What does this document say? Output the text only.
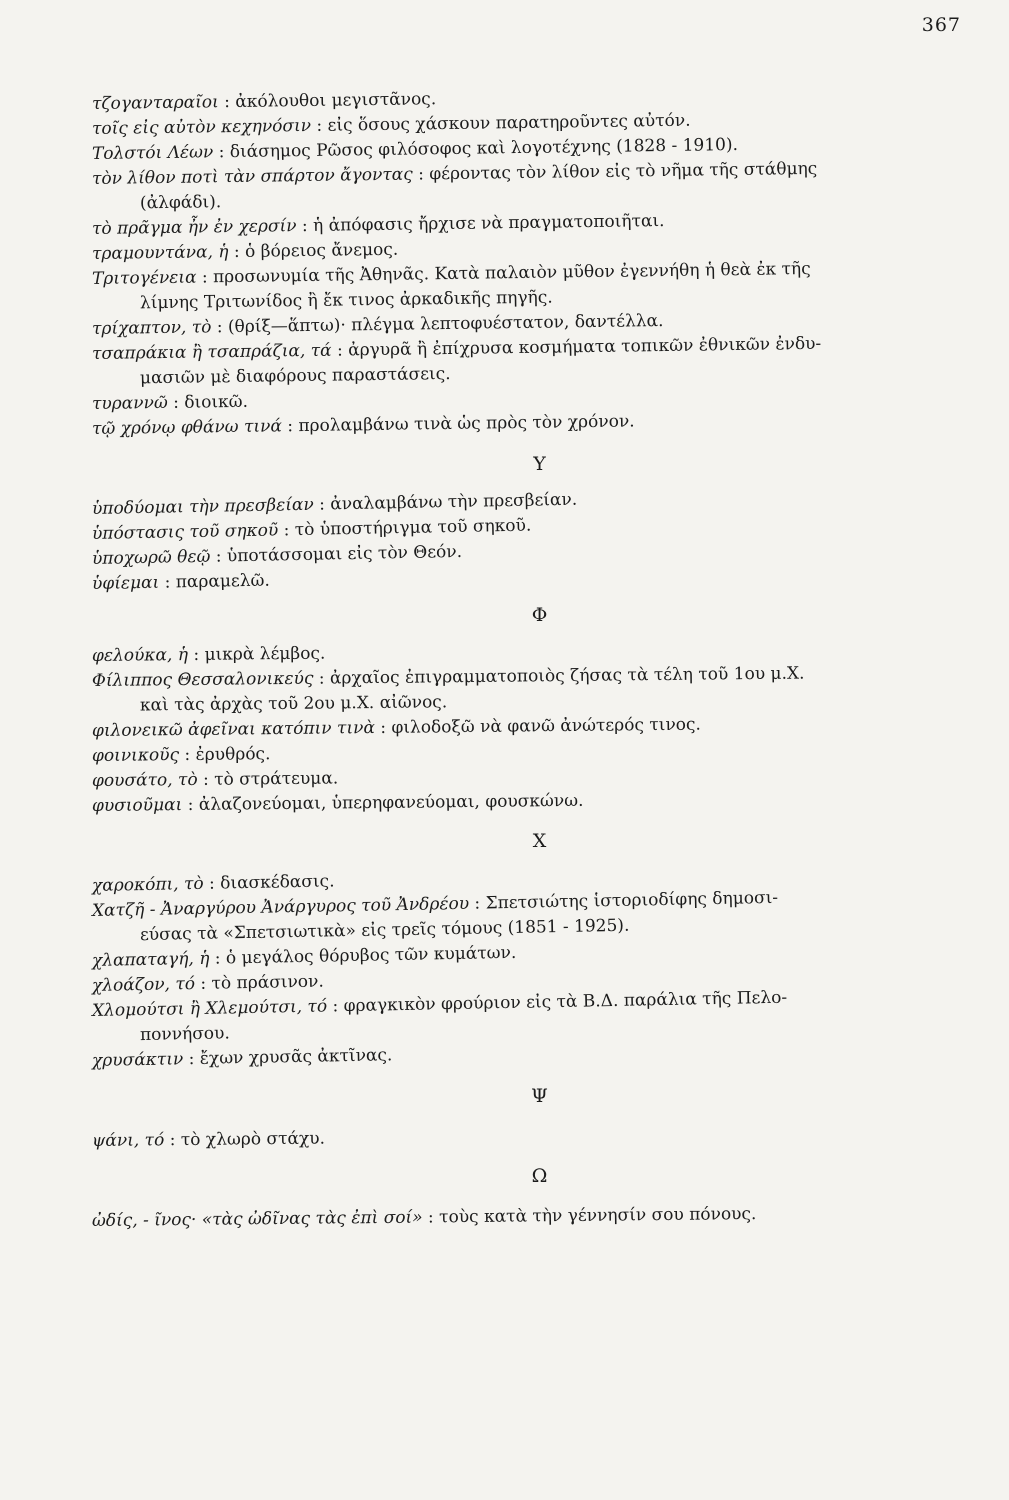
367
τζογανταραῖοι : ἀκόλουθοι μεγιστᾶνος.
τοῖς εἰς αὐτὸν κεχηνόσιν : εἰς ὅσους χάσκουν παρατηροῦντες αὐτόν.
Τολστόι Λέων : διάσημος Ρῶσος φιλόσοφος καὶ λογοτέχνης (1828 - 1910).
τὸν λίθον ποτὶ τὰν σπάρτον ἄγοντας : φέροντας τὸν λίθον εἰς τὸ νῆμα τῆς στάθμης
(ἀλφάδι).
τὸ πρᾶγμα ἦν ἐν χερσίν : ἡ ἀπόφασις ἤρχισε νὰ πραγματοποιῆται.
τραμουντάνα, ἡ : ὁ βόρειος ἄνεμος.
Τριτογένεια : προσωνυμία τῆς Ἀθηνᾶς. Κατὰ παλαιὸν μῦθον ἐγεννήθη ἡ θεὰ ἐκ τῆς
λίμνης Τριτωνίδος ἢ ἔκ τινος ἀρκαδικῆς πηγῆς.
τρίχαπτον, τὸ : (θρίξ—ἅπτω)· πλέγμα λεπτοφυέστατον, δαντέλλα.
τσαπράκια ἢ τσαπράζια, τά : ἀργυρᾶ ἢ ἐπίχρυσα κοσμήματα τοπικῶν ἐθνικῶν ἐνδυ-
μασιῶν μὲ διαφόρους παραστάσεις.
τυραννῶ : διοικῶ.
τῷ χρόνῳ φθάνω τινά : προλαμβάνω τινὰ ὡς πρὸς τὸν χρόνον.
Υ
ὑποδύομαι τὴν πρεσβείαν : ἀναλαμβάνω τὴν πρεσβείαν.
ὑπόστασις τοῦ σηκοῦ : τὸ ὑποστήριγμα τοῦ σηκοῦ.
ὑποχωρῶ θεῷ : ὑποτάσσομαι εἰς τὸν Θεόν.
ὑφίεμαι : παραμελῶ.
Φ
φελούκα, ἡ : μικρὰ λέμβος.
Φίλιππος Θεσσαλονικεύς : ἀρχαῖος ἐπιγραμματοποιὸς ζήσας τὰ τέλη τοῦ 1ου μ.Χ.
καὶ τὰς ἀρχὰς τοῦ 2ου μ.Χ. αἰῶνος.
φιλονεικῶ ἀφεῖναι κατόπιν τινὰ : φιλοδοξῶ νὰ φανῶ ἀνώτερός τινος.
φοινικοῦς : ἐρυθρός.
φουσάτο, τὸ : τὸ στράτευμα.
φυσιοῦμαι : ἀλαζονεύομαι, ὑπερηφανεύομαι, φουσκώνω.
Χ
χαροκόπι, τὸ : διασκέδασις.
Χατζῆ - Ἀναργύρου Ἀνάργυρος τοῦ Ἀνδρέου : Σπετσιώτης ἱστοριοδίφης δημοσι-
εύσας τὰ «Σπετσιωτικὰ» εἰς τρεῖς τόμους (1851 - 1925).
χλαπαταγή, ἡ : ὁ μεγάλος θόρυβος τῶν κυμάτων.
χλοάζον, τό : τὸ πράσινον.
Χλομούτσι ἢ Χλεμούτσι, τό : φραγκικὸν φρούριον εἰς τὰ Β.Δ. παράλια τῆς Πελο-
ποννήσου.
χρυσάκτιν : ἔχων χρυσᾶς ἀκτῖνας.
Ψ
ψάνι, τό : τὸ χλωρὸ στάχυ.
Ω
ὠδίς, - ῖνος· «τὰς ὠδῖνας τὰς ἐπὶ σοί» : τοὺς κατὰ τὴν γέννησίν σου πόνους.
